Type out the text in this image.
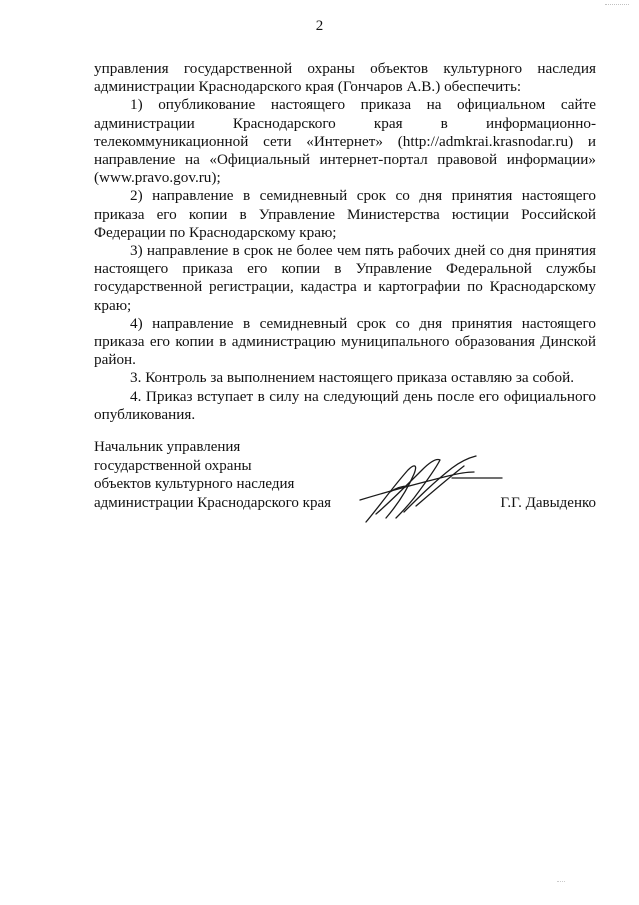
2

управления государственной охраны объектов культурного наследия администрации Краснодарского края (Гончаров А.В.) обеспечить:

1) опубликование настоящего приказа на официальном сайте администрации Краснодарского края в информационно-телекоммуникационной сети «Интернет» (http://admkrai.krasnodar.ru) и направление на «Официальный интернет-портал правовой информации» (www.pravo.gov.ru);

2) направление в семидневный срок со дня принятия настоящего приказа его копии в Управление Министерства юстиции Российской Федерации по Краснодарскому краю;

3) направление в срок не более чем пять рабочих дней со дня принятия настоящего приказа его копии в Управление Федеральной службы государственной регистрации, кадастра и картографии по Краснодарскому краю;

4) направление в семидневный срок со дня принятия настоящего приказа его копии в администрацию муниципального образования Динской район.

3. Контроль за выполнением настоящего приказа оставляю за собой.

4. Приказ вступает в силу на следующий день после его официального опубликования.

Начальник управления
государственной охраны
объектов культурного наследия
администрации Краснодарского края	Г.Г. Давыденко
